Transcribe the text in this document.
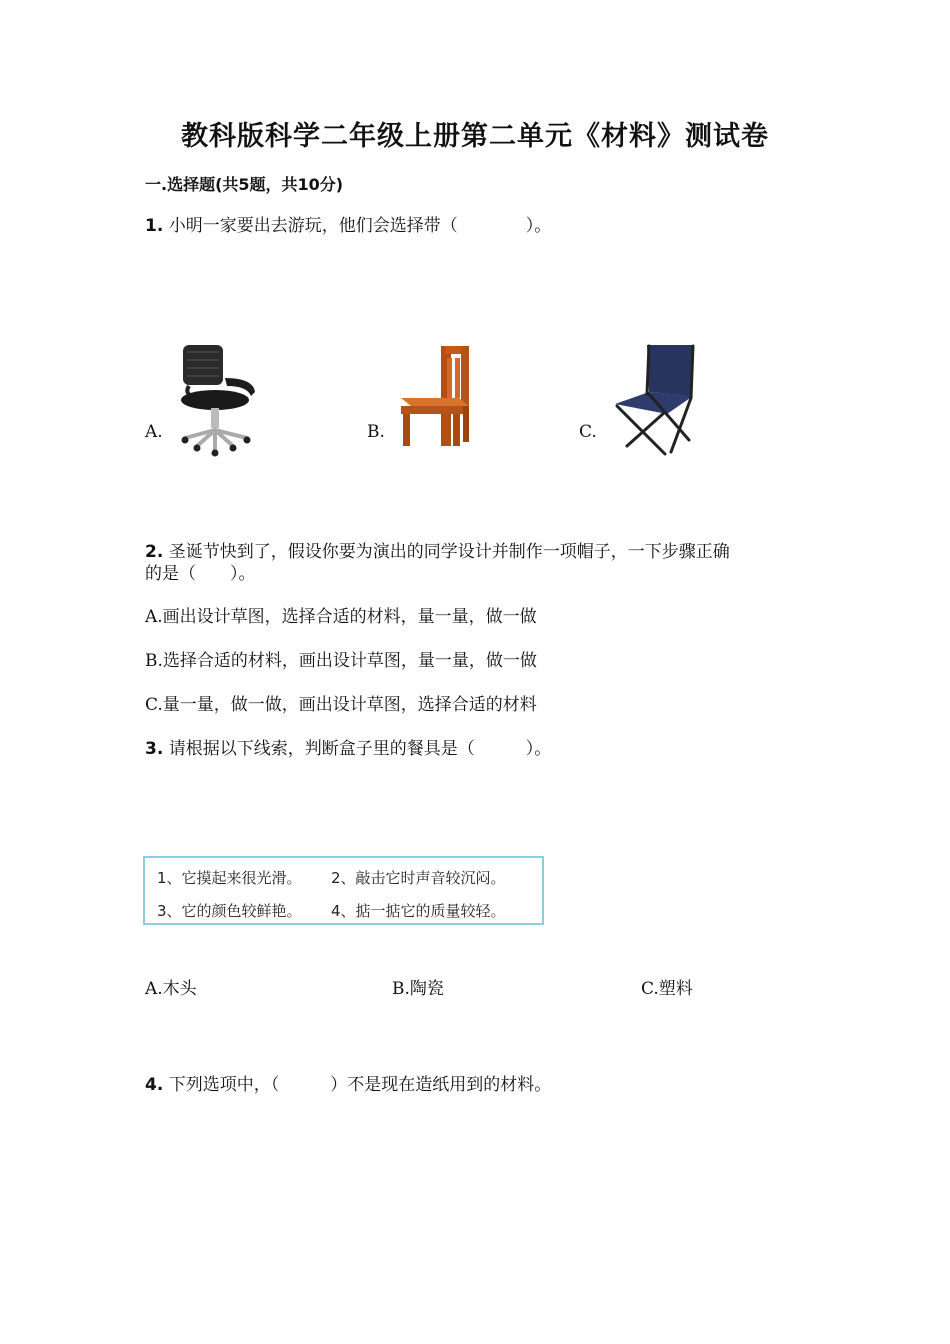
教科版科学二年级上册第二单元《材料》测试卷
一.选择题(共5题，共10分)
1. 小明一家要出去游玩，他们会选择带（　　　　）。
A.	B.	C.
2. 圣诞节快到了，假设你要为演出的同学设计并制作一项帽子，一下步骤正确
的是（　　）。
A.画出设计草图，选择合适的材料，量一量，做一做
B.选择合适的材料，画出设计草图，量一量，做一做
C.量一量，做一做，画出设计草图，选择合适的材料
3. 请根据以下线索，判断盒子里的餐具是（　　　）。
1、它摸起来很光滑。 2、敲击它时声音较沉闷。
3、它的颜色较鲜艳。 4、掂一掂它的质量较轻。
A.木头	B.陶瓷	C.塑料
4. 下列选项中，（　　　）不是现在造纸用到的材料。
